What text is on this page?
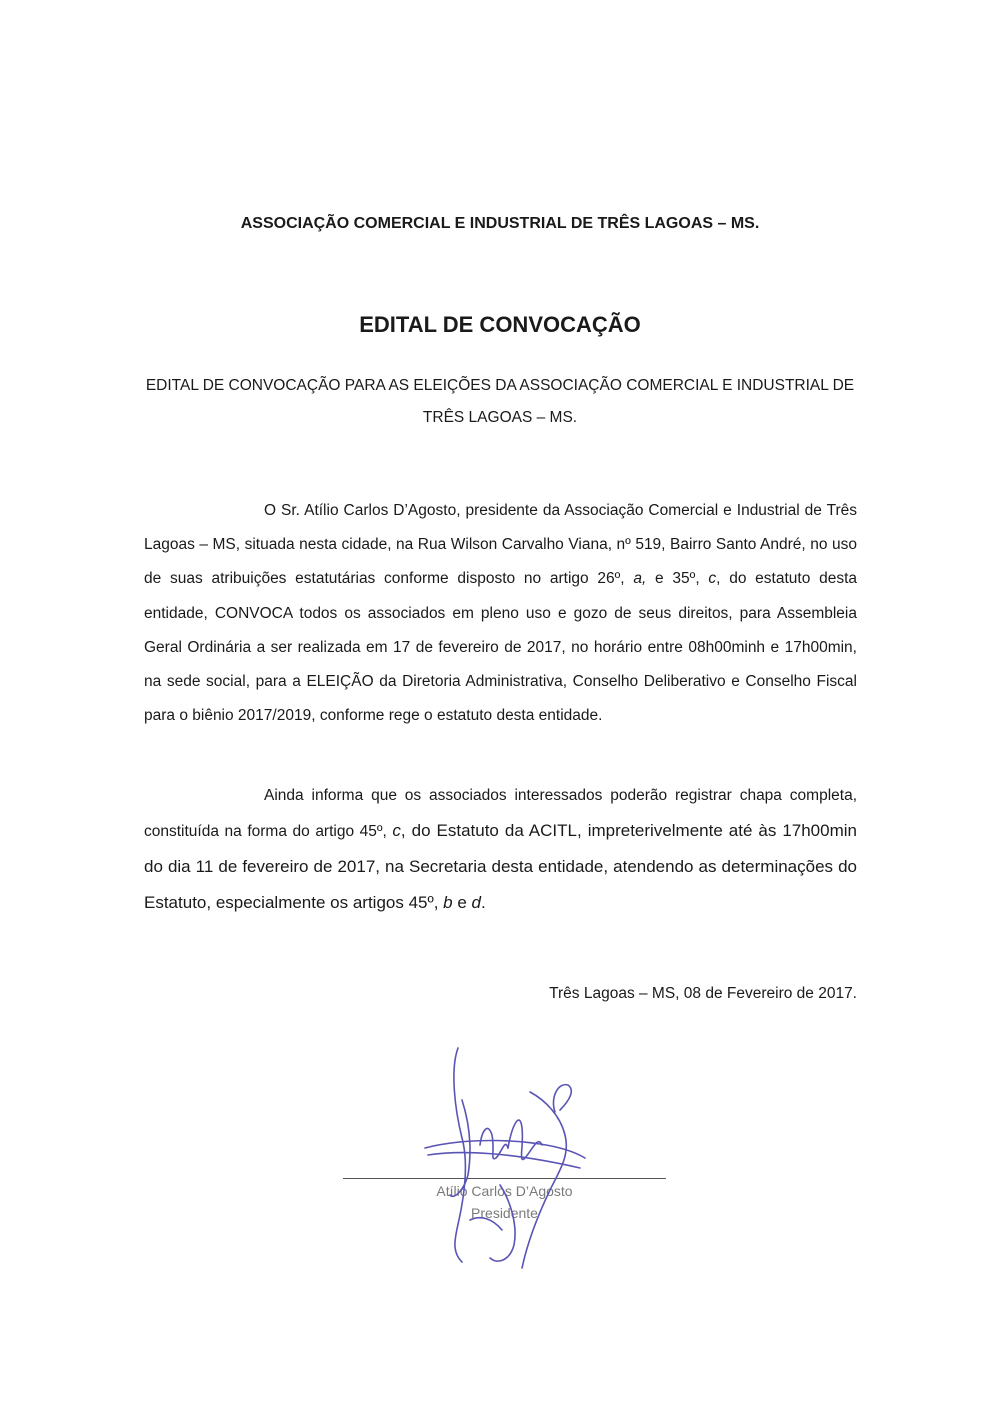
ASSOCIAÇÃO COMERCIAL E INDUSTRIAL DE TRÊS LAGOAS – MS.
EDITAL DE CONVOCAÇÃO
EDITAL DE CONVOCAÇÃO PARA AS ELEIÇÕES DA ASSOCIAÇÃO COMERCIAL E INDUSTRIAL DE TRÊS LAGOAS – MS.

O Sr. Atílio Carlos D’Agosto, presidente da Associação Comercial e Industrial de Três Lagoas – MS, situada nesta cidade, na Rua Wilson Carvalho Viana, nº 519, Bairro Santo André, no uso de suas atribuições estatutárias conforme disposto no artigo 26º, a, e 35º, c, do estatuto desta entidade, CONVOCA todos os associados em pleno uso e gozo de seus direitos, para Assembleia Geral Ordinária a ser realizada em 17 de fevereiro de 2017, no horário entre 08h00minh e 17h00min, na sede social, para a ELEIÇÃO da Diretoria Administrativa, Conselho Deliberativo e Conselho Fiscal para o biênio 2017/2019, conforme rege o estatuto desta entidade.

Ainda informa que os associados interessados poderão registrar chapa completa, constituída na forma do artigo 45º, c, do Estatuto da ACITL, impreterivelmente até às 17h00min do dia 11 de fevereiro de 2017, na Secretaria desta entidade, atendendo as determinações do Estatuto, especialmente os artigos 45º, b e d.

Três Lagoas – MS, 08 de Fevereiro de 2017.
Atílio Carlos D’Agosto
Presidente
